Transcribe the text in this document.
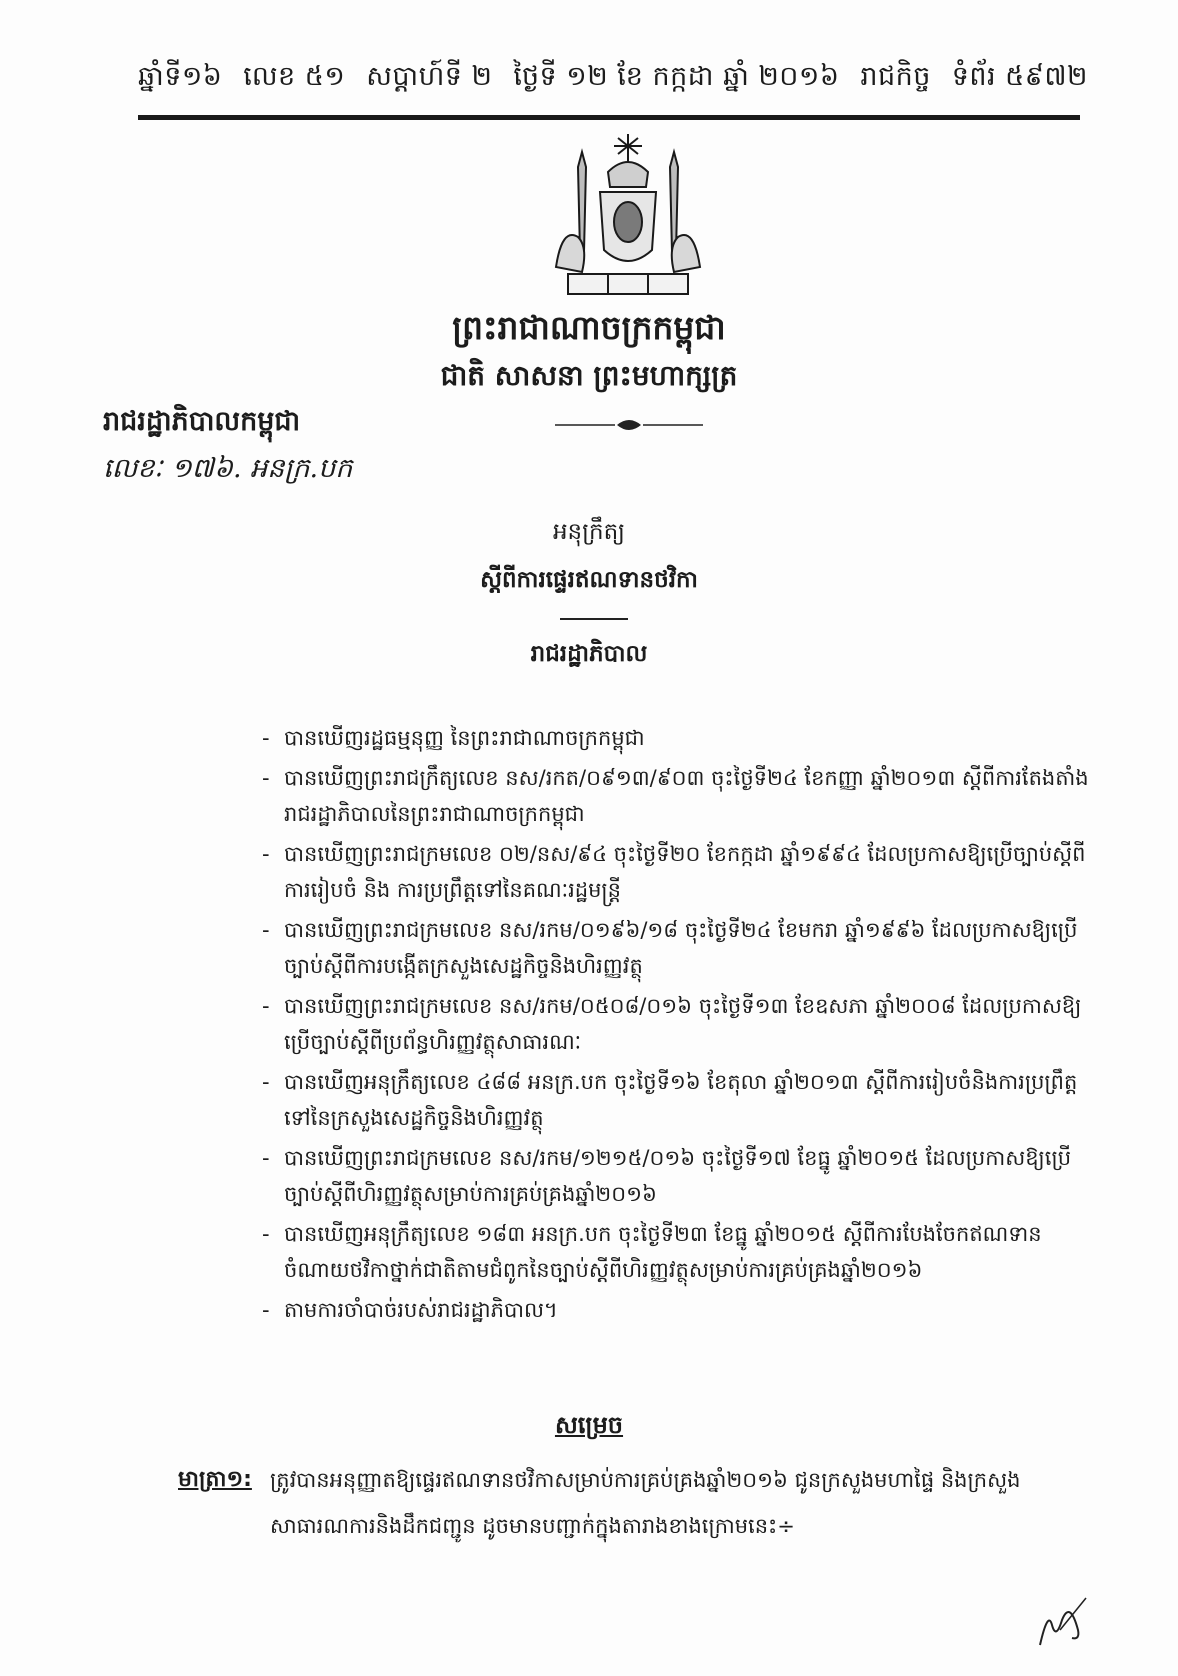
ឆ្នាំទី១៦ លេខ ៥១ សប្តាហ៍ទី ២ ថ្ងៃទី ១២ ខែ កក្កដា ឆ្នាំ ២០១៦ រាជកិច្ច ទំព័រ ៥៩៧២
ព្រះរាជាណាចក្រកម្ពុជា
ជាតិ សាសនា ព្រះមហាក្សត្រ
រាជរដ្ឋាភិបាលកម្ពុជា
លេខៈ ១៧៦. អនក្រ.បក
អនុក្រឹត្យ
ស្តីពីការផ្ទេរឥណទានថវិកា
រាជរដ្ឋាភិបាល
- បានឃើញរដ្ឋធម្មនុញ្ញ នៃព្រះរាជាណាចក្រកម្ពុជា
- បានឃើញព្រះរាជក្រឹត្យលេខ នស/រកត/០៩១៣/៩០៣ ចុះថ្ងៃទី២៤ ខែកញ្ញា ឆ្នាំ២០១៣ ស្តីពីការតែងតាំងរាជរដ្ឋាភិបាលនៃព្រះរាជាណាចក្រកម្ពុជា
- បានឃើញព្រះរាជក្រមលេខ ០២/នស/៩៤ ចុះថ្ងៃទី២០ ខែកក្កដា ឆ្នាំ១៩៩៤ ដែលប្រកាសឱ្យប្រើច្បាប់ស្តីពីការរៀបចំ និង ការប្រព្រឹត្តទៅនៃគណៈរដ្ឋមន្ត្រី
- បានឃើញព្រះរាជក្រមលេខ នស/រកម/០១៩៦/១៨ ចុះថ្ងៃទី២៤ ខែមករា ឆ្នាំ១៩៩៦ ដែលប្រកាសឱ្យប្រើច្បាប់ស្តីពីការបង្កើតក្រសួងសេដ្ឋកិច្ចនិងហិរញ្ញវត្ថុ
- បានឃើញព្រះរាជក្រមលេខ នស/រកម/០៥០៨/០១៦ ចុះថ្ងៃទី១៣ ខែឧសភា ឆ្នាំ២០០៨ ដែលប្រកាសឱ្យប្រើច្បាប់ស្តីពីប្រព័ន្ធហិរញ្ញវត្ថុសាធារណៈ
- បានឃើញអនុក្រឹត្យលេខ ៤៨៨ អនក្រ.បក ចុះថ្ងៃទី១៦ ខែតុលា ឆ្នាំ២០១៣ ស្តីពីការរៀបចំនិងការប្រព្រឹត្តទៅនៃក្រសួងសេដ្ឋកិច្ចនិងហិរញ្ញវត្ថុ
- បានឃើញព្រះរាជក្រមលេខ នស/រកម/១២១៥/០១៦ ចុះថ្ងៃទី១៧ ខែធ្នូ ឆ្នាំ២០១៥ ដែលប្រកាសឱ្យប្រើច្បាប់ស្តីពីហិរញ្ញវត្ថុសម្រាប់ការគ្រប់គ្រងឆ្នាំ២០១៦
- បានឃើញអនុក្រឹត្យលេខ ១៨៣ អនក្រ.បក ចុះថ្ងៃទី២៣ ខែធ្នូ ឆ្នាំ២០១៥ ស្តីពីការបែងចែកឥណទានចំណាយថវិកាថ្នាក់ជាតិតាមជំពូកនៃច្បាប់ស្តីពីហិរញ្ញវត្ថុសម្រាប់ការគ្រប់គ្រងឆ្នាំ២០១៦
- តាមការចាំបាច់របស់រាជរដ្ឋាភិបាល។
សម្រេច
មាត្រា១: ត្រូវបានអនុញ្ញាតឱ្យផ្ទេរឥណទានថវិកាសម្រាប់ការគ្រប់គ្រងឆ្នាំ២០១៦ ជូនក្រសួងមហាផ្ទៃ និងក្រសួង
សាធារណការនិងដឹកជញ្ជូន ដូចមានបញ្ជាក់ក្នុងតារាងខាងក្រោមនេះ÷
